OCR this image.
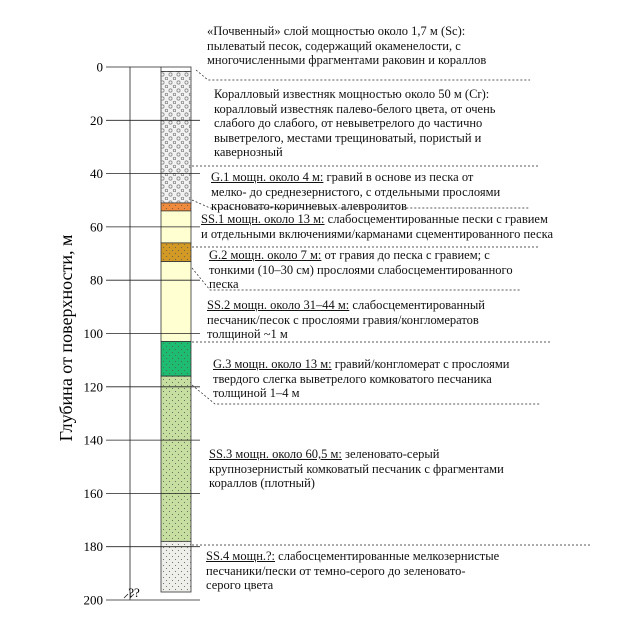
0
20
40
60
80
100
120
140
160
180
200
Глубина от поверхности, м
??
«Почвенный» слой мощностью около 1,7 м (Sc):
пылеватый песок, содержащий окаменелости, с
многочисленными фрагментами раковин и кораллов
Коралловый известняк мощностью около 50 м (Cr):
коралловый известняк палево-белого цвета, от очень
слабого до слабого, от невыветрелого до частично
выветрелого, местами трещиноватый, пористый и
кавернозный
G.1 мощн. около 4 м: гравий в основе из песка от
мелко- до среднезернистого, с отдельными прослоями
красновато-коричневых алевролитов
SS.1 мощн. около 13 м: слабосцементированные пески с гравием
и отдельными включениями/карманами сцементированного песка
G.2 мощн. около 7 м: от гравия до песка с гравием; с
тонкими (10–30 см) прослоями слабосцементированного
песка
SS.2 мощн. около 31–44 м: слабосцементированный
песчаник/песок с прослоями гравия/конгломератов
толщиной ~1 м
G.3 мощн. около 13 м: гравий/конгломерат с прослоями
твердого слегка выветрелого комковатого песчаника
толщиной 1–4 м
SS.3 мощн. около 60,5 м: зеленовато-серый
крупнозернистый комковатый песчаник с фрагментами
кораллов (плотный)
SS.4 мощн.?: слабосцементированные мелкозернистые
песчаники/пески от темно-серого до зеленовато-
серого цвета
